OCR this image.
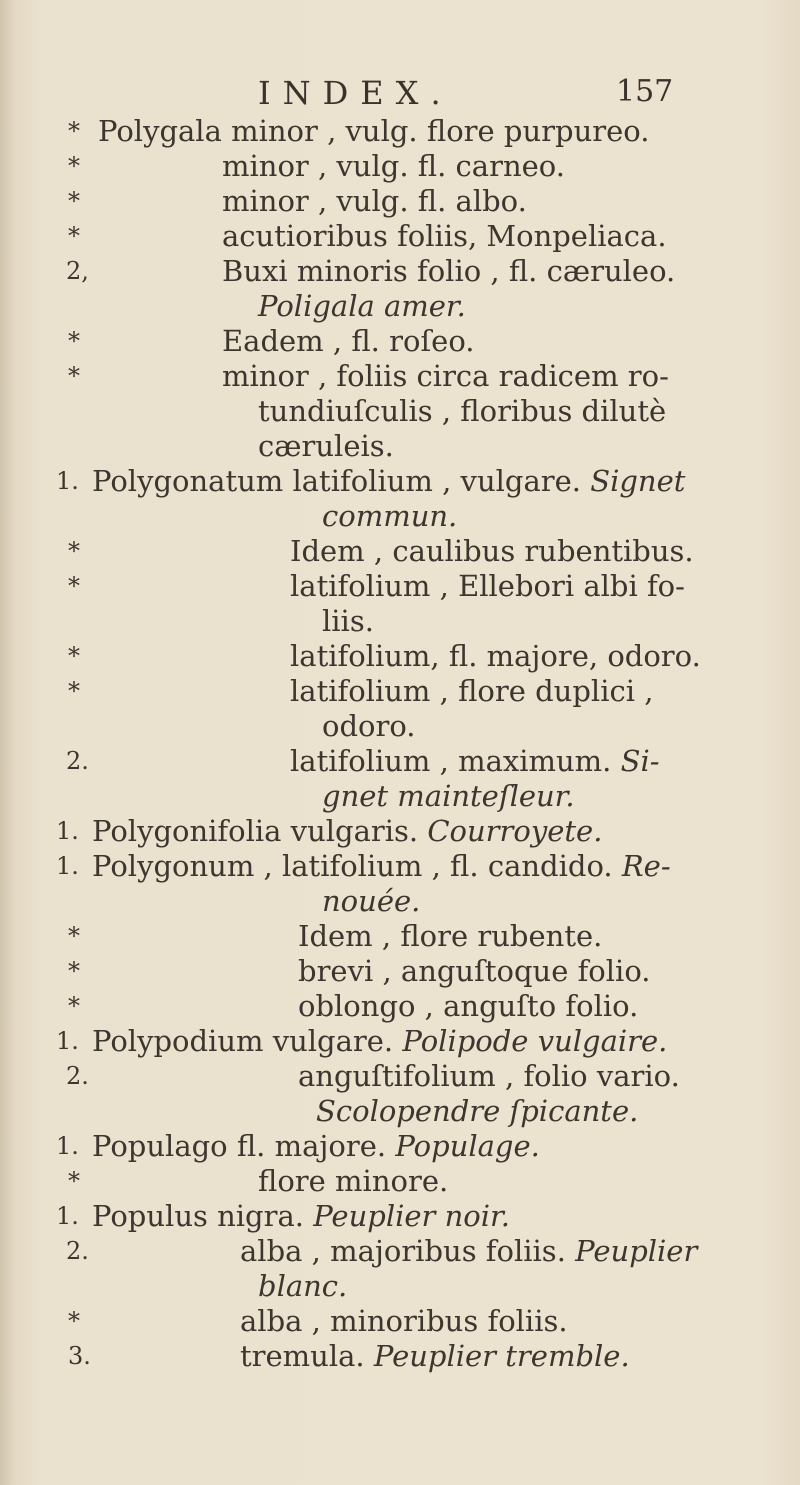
INDEX.	157
* Polygala minor , vulg. flore purpureo.
*	minor , vulg. fl. carneo.
*	minor , vulg. fl. albo.
*	acutioribus foliis, Monpeliaca.
2,	Buxi minoris folio , fl. cæruleo.
Poligala amer.
*	Eadem , fl. roſeo.
*	minor , foliis circa radicem ro-
tundiuſculis , floribus dilutè
cæruleis.
1. Polygonatum latifolium , vulgare. Signet
commun.
*	Idem , caulibus rubentibus.
*	latifolium , Ellebori albi fo-
liis.
*	latifolium, fl. majore, odoro.
*	latifolium , flore duplici ,
odoro.
2.	latifolium , maximum. Si-
gnet mainteſleur.
1. Polygonifolia vulgaris. Courroyete.
1. Polygonum , latifolium , fl. candido. Re-
nouée.
*	Idem , flore rubente.
*	brevi , anguſtoque folio.
*	oblongo , anguſto folio.
1. Polypodium vulgare. Polipode vulgaire.
2.	anguſtifolium , folio vario.
Scolopendre ſpicante.
1. Populago fl. majore. Populage.
*	flore minore.
1. Populus nigra. Peuplier noir.
2.	alba , majoribus foliis. Peuplier
blanc.
*	alba , minoribus foliis.
3.	tremula. Peuplier tremble.
